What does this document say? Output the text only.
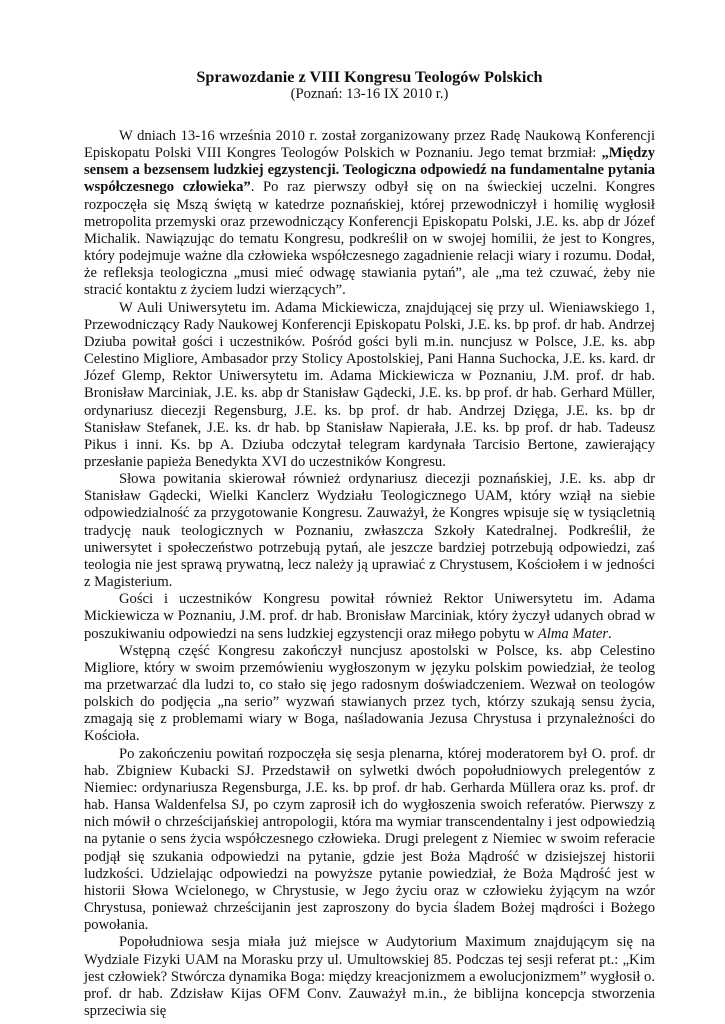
Sprawozdanie z VIII Kongresu Teologów Polskich
(Poznań: 13-16 IX 2010 r.)

W dniach 13-16 września 2010 r. został zorganizowany przez Radę Naukową Konferencji Episkopatu Polski VIII Kongres Teologów Polskich w Poznaniu. Jego temat brzmiał: „Między sensem a bezsensem ludzkiej egzystencji. Teologiczna odpowiedź na fundamentalne pytania współczesnego człowieka”. Po raz pierwszy odbył się on na świeckiej uczelni. Kongres rozpoczęła się Mszą świętą w katedrze poznańskiej, której przewodniczył i homilię wygłosił metropolita przemyski oraz przewodniczący Konferencji Episkopatu Polski, J.E. ks. abp dr Józef Michalik. Nawiązując do tematu Kongresu, podkreślił on w swojej homilii, że jest to Kongres, który podejmuje ważne dla człowieka współczesnego zagadnienie relacji wiary i rozumu. Dodał, że refleksja teologiczna „musi mieć odwagę stawiania pytań”, ale „ma też czuwać, żeby nie stracić kontaktu z życiem ludzi wierzących”.

W Auli Uniwersytetu im. Adama Mickiewicza, znajdującej się przy ul. Wieniawskiego 1, Przewodniczący Rady Naukowej Konferencji Episkopatu Polski, J.E. ks. bp prof. dr hab. Andrzej Dziuba powitał gości i uczestników. Pośród gości byli m.in. nuncjusz w Polsce, J.E. ks. abp Celestino Migliore, Ambasador przy Stolicy Apostolskiej, Pani Hanna Suchocka, J.E. ks. kard. dr Józef Glemp, Rektor Uniwersytetu im. Adama Mickiewicza w Poznaniu, J.M. prof. dr hab. Bronisław Marciniak, J.E. ks. abp dr Stanisław Gądecki, J.E. ks. bp prof. dr hab. Gerhard Müller, ordynariusz diecezji Regensburg, J.E. ks. bp prof. dr hab. Andrzej Dzięga, J.E. ks. bp dr Stanisław Stefanek, J.E. ks. dr hab. bp Stanisław Napierała, J.E. ks. bp prof. dr hab. Tadeusz Pikus i inni. Ks. bp A. Dziuba odczytał telegram kardynała Tarcisio Bertone, zawierający przesłanie papieża Benedykta XVI do uczestników Kongresu.

Słowa powitania skierował również ordynariusz diecezji poznańskiej, J.E. ks. abp dr Stanisław Gądecki, Wielki Kanclerz Wydziału Teologicznego UAM, który wziął na siebie odpowiedzialność za przygotowanie Kongresu. Zauważył, że Kongres wpisuje się w tysiącletnią tradycję nauk teologicznych w Poznaniu, zwłaszcza Szkoły Katedralnej. Podkreślił, że uniwersytet i społeczeństwo potrzebują pytań, ale jeszcze bardziej potrzebują odpowiedzi, zaś teologia nie jest sprawą prywatną, lecz należy ją uprawiać z Chrystusem, Kościołem i w jedności z Magisterium.

Gości i uczestników Kongresu powitał również Rektor Uniwersytetu im. Adama Mickiewicza w Poznaniu, J.M. prof. dr hab. Bronisław Marciniak, który życzył udanych obrad w poszukiwaniu odpowiedzi na sens ludzkiej egzystencji oraz miłego pobytu w Alma Mater.

Wstępną część Kongresu zakończył nuncjusz apostolski w Polsce, ks. abp Celestino Migliore, który w swoim przemówieniu wygłoszonym w języku polskim powiedział, że teolog ma przetwarzać dla ludzi to, co stało się jego radosnym doświadczeniem. Wezwał on teologów polskich do podjęcia „na serio” wyzwań stawianych przez tych, którzy szukają sensu życia, zmagają się z problemami wiary w Boga, naśladowania Jezusa Chrystusa i przynależności do Kościoła.

Po zakończeniu powitań rozpoczęła się sesja plenarna, której moderatorem był O. prof. dr hab. Zbigniew Kubacki SJ. Przedstawił on sylwetki dwóch popołudniowych prelegentów z Niemiec: ordynariusza Regensburga, J.E. ks. bp prof. dr hab. Gerharda Müllera oraz ks. prof. dr hab. Hansa Waldenfelsa SJ, po czym zaprosił ich do wygłoszenia swoich referatów. Pierwszy z nich mówił o chrześcijańskiej antropologii, która ma wymiar transcendentalny i jest odpowiedzią na pytanie o sens życia współczesnego człowieka. Drugi prelegent z Niemiec w swoim referacie podjął się szukania odpowiedzi na pytanie, gdzie jest Boża Mądrość w dzisiejszej historii ludzkości. Udzielając odpowiedzi na powyższe pytanie powiedział, że Boża Mądrość jest w historii Słowa Wcielonego, w Chrystusie, w Jego życiu oraz w człowieku żyjącym na wzór Chrystusa, ponieważ chrześcijanin jest zaproszony do bycia śladem Bożej mądrości i Bożego powołania.

Popołudniowa sesja miała już miejsce w Audytorium Maximum znajdującym się na Wydziale Fizyki UAM na Morasku przy ul. Umultowskiej 85. Podczas tej sesji referat pt.: „Kim jest człowiek? Stwórcza dynamika Boga: między kreacjonizmem a ewolucjonizmem” wygłosił o. prof. dr hab. Zdzisław Kijas OFM Conv. Zauważył m.in., że biblijna koncepcja stworzenia sprzeciwia się
